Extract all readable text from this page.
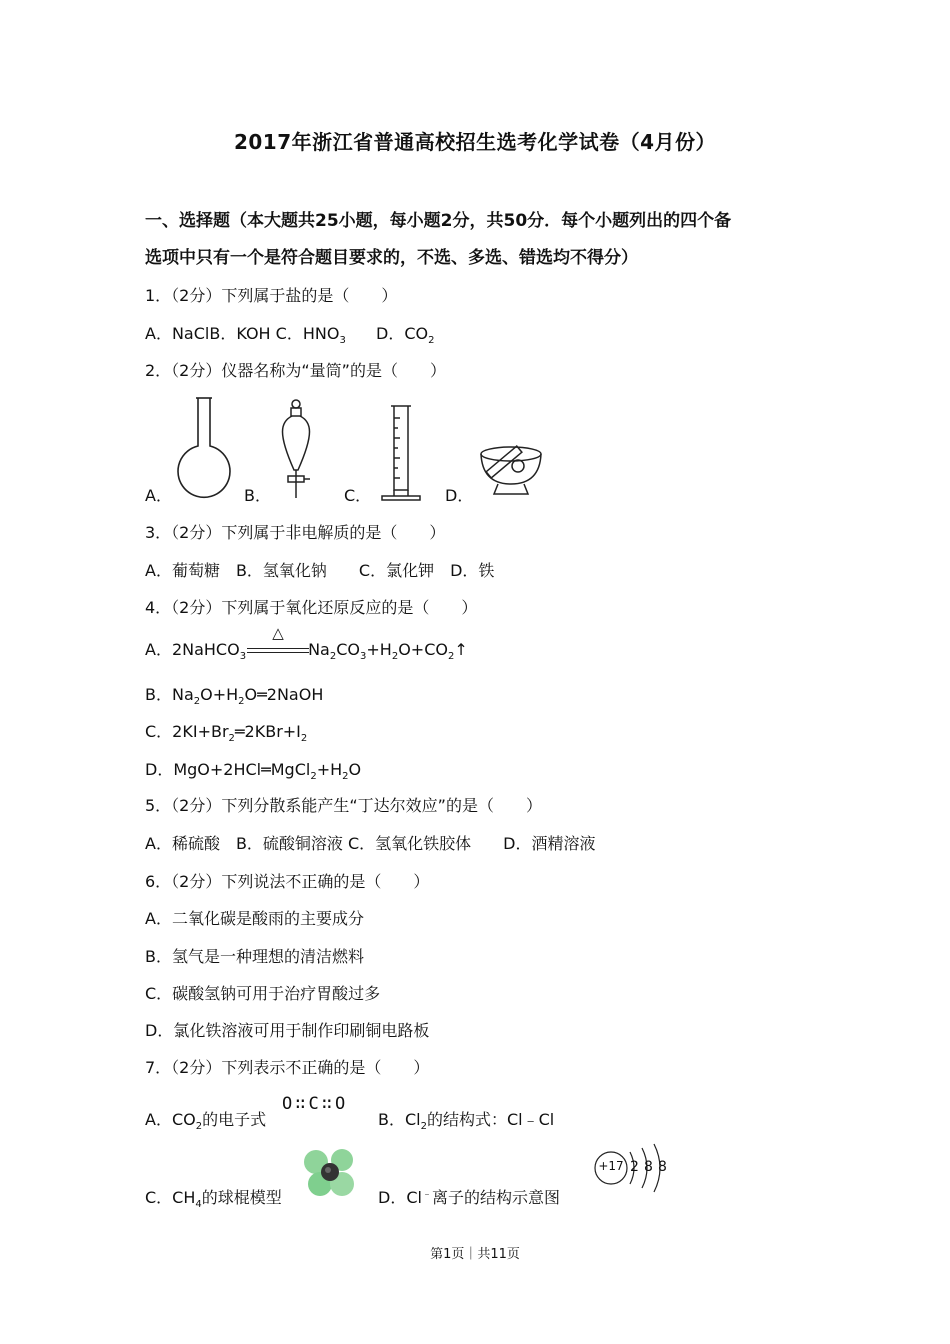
2017年浙江省普通高校招生选考化学试卷（4月份）
一、选择题（本大题共25小题，每小题2分，共50分．每个小题列出的四个备
选项中只有一个是符合题目要求的，不选、多选、错选均不得分）
1．（2分）下列属于盐的是（　　）
A．NaClB．KOH C．$HNO_3$ D．$CO_2$
2．（2分）仪器名称为“量筒”的是（　　）
A．	B．	C．	D．
3．（2分）下列属于非电解质的是（　　）
A．葡萄糖　B．氢氧化钠　　C．氯化钾　D．铁
4．（2分）下列属于氧化还原反应的是（　　）
A．2NaHCO$_3$	$Na_2CO_3+H_2O+CO_2↑$
△
B．$Na_2O+H_2O═2NaOH$
C．$2KI+Br_2═2KBr+I_2$
D．$MgO+2HCl═MgCl_2+H_2O$
5．（2分）下列分散系能产生“丁达尔效应”的是（　　）
A．稀硫酸　B．硫酸铜溶液 C．氢氧化铁胶体　　D．酒精溶液
6．（2分）下列说法不正确的是（　　）
A．二氧化碳是酸雨的主要成分
B．氢气是一种理想的清洁燃料
C．碳酸氢钠可用于治疗胃酸过多
D．氯化铁溶液可用于制作印刷铜电路板
7．（2分）下列表示不正确的是（　　）
A．$CO_2$的电子式
O∷C∷O
B．$Cl_2$的结构式：Cl﹣Cl
C．$CH_4$的球棍模型	D．Cl﹣离子的结构示意图
+17 2 8 8
第1页｜共11页
